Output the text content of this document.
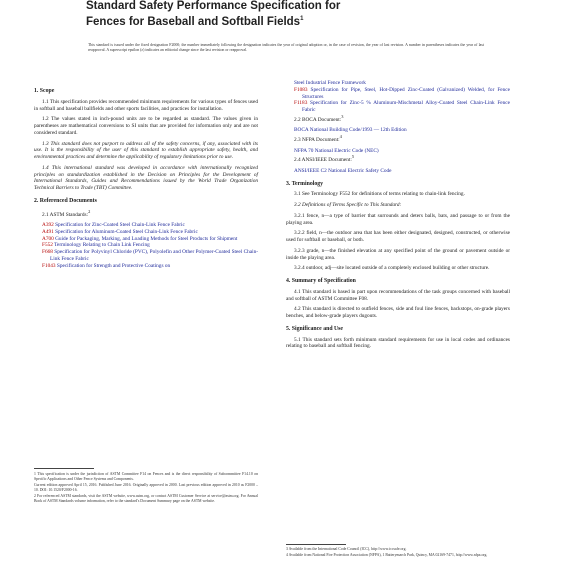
Standard Safety Performance Specification for
Fences for Baseball and Softball Fields$^1$
This standard is issued under the fixed designation F2000; the number immediately following the designation indicates the year of original adoption or, in the case of revision, the year of last revision. A number in parentheses indicates the year of last reapproval. A superscript epsilon (ε) indicates an editorial change since the last revision or reapproval.
1. Scope

1.1 This specification provides recommended minimum requirements for various types of fences used in softball and baseball ballfields and other sports facilities, and practices for installation.

1.2 The values stated in inch-pound units are to be regarded as standard. The values given in parentheses are mathematical conversions to SI units that are provided for information only and are not considered standard.

1.3 This standard does not purport to address all of the safety concerns, if any, associated with its use. It is the responsibility of the user of this standard to establish appropriate safety, health, and environmental practices and determine the applicability of regulatory limitations prior to use.

1.4 This international standard was developed in accordance with internationally recognized principles on standardization established in the Decision on Principles for the Development of International Standards, Guides and Recommendations issued by the World Trade Organization Technical Barriers to Trade (TBT) Committee.

2. Referenced Documents

2.1 ASTM Standards:$^2$

A392 Specification for Zinc-Coated Steel Chain-Link Fence Fabric
A491 Specification for Aluminum-Coated Steel Chain-Link Fence Fabric
A700 Guide for Packaging, Marking, and Loading Methods for Steel Products for Shipment
F552 Terminology Relating to Chain Link Fencing
F668 Specification for Polyvinyl Chloride (PVC), Polyolefin and Other Polymer-Coated Steel Chain-Link Fence Fabric
F1043 Specification for Strength and Protective Coatings on
Steel Industrial Fence Framework
F1083 Specification for Pipe, Steel, Hot-Dipped Zinc-Coated (Galvanized) Welded, for Fence Structures
F1183 Specification for Zinc-5 % Aluminum-Mischmetal Alloy-Coated Steel Chain-Link Fence Fabric

2.2 BOCA Document:$^3$

BOCA National Building Code/1993 — 12th Edition

2.3 NFPA Document:$^4$

NFPA 70 National Electric Code (NEC)

2.4 ANSI/IEEE Document:$^5$

ANSI/IEEE C2 National Electric Safety Code
3. Terminology

3.1 See Terminology F552 for definitions of terms relating to chain-link fencing.

3.2 Definitions of Terms Specific to This Standard:

3.2.1 fence, n—a type of barrier that surrounds and deters balls, bats, and passage to or from the playing area.

3.2.2 field, n—the outdoor area that has been either designated, designed, constructed, or otherwise used for softball or baseball, or both.

3.2.3 grade, n—the finished elevation at any specified point of the ground or pavement outside or inside the playing area.

3.2.4 outdoor, adj—site located outside of a completely enclosed building or other structure.

4. Summary of Specification

4.1 This standard is based in part upon recommendations of the task groups concerned with baseball and softball of ASTM Committee F08.

4.2 This standard is directed to outfield fences, side and foul line fences, backstops, on-grade players benches, and below-grade players dugouts.

5. Significance and Use

5.1 This standard sets forth minimum standard requirements for use in local codes and ordinances relating to baseball and softball fencing.

1 This specification is under the jurisdiction of ASTM Committee F14 on Fences and is the direct responsibility of Subcommittee F14.10 on Specific Applications and Other Fence Systems and Components.

Current edition approved April 15, 2016. Published June 2016. Originally approved in 2000. Last previous edition approved in 2010 as F2000 – 10. DOI: 10.1520/F2000-16.

2 For referenced ASTM standards, visit the ASTM website, www.astm.org, or contact ASTM Customer Service at service@astm.org. For Annual Book of ASTM Standards volume information, refer to the standard's Document Summary page on the ASTM website.

3 Available from the International Code Council (ICC), http://www.iccsafe.org.

4 Available from National Fire Protection Association (NFPA), 1 Batterymarch Park, Quincy, MA 02169-7471, http://www.nfpa.org.
